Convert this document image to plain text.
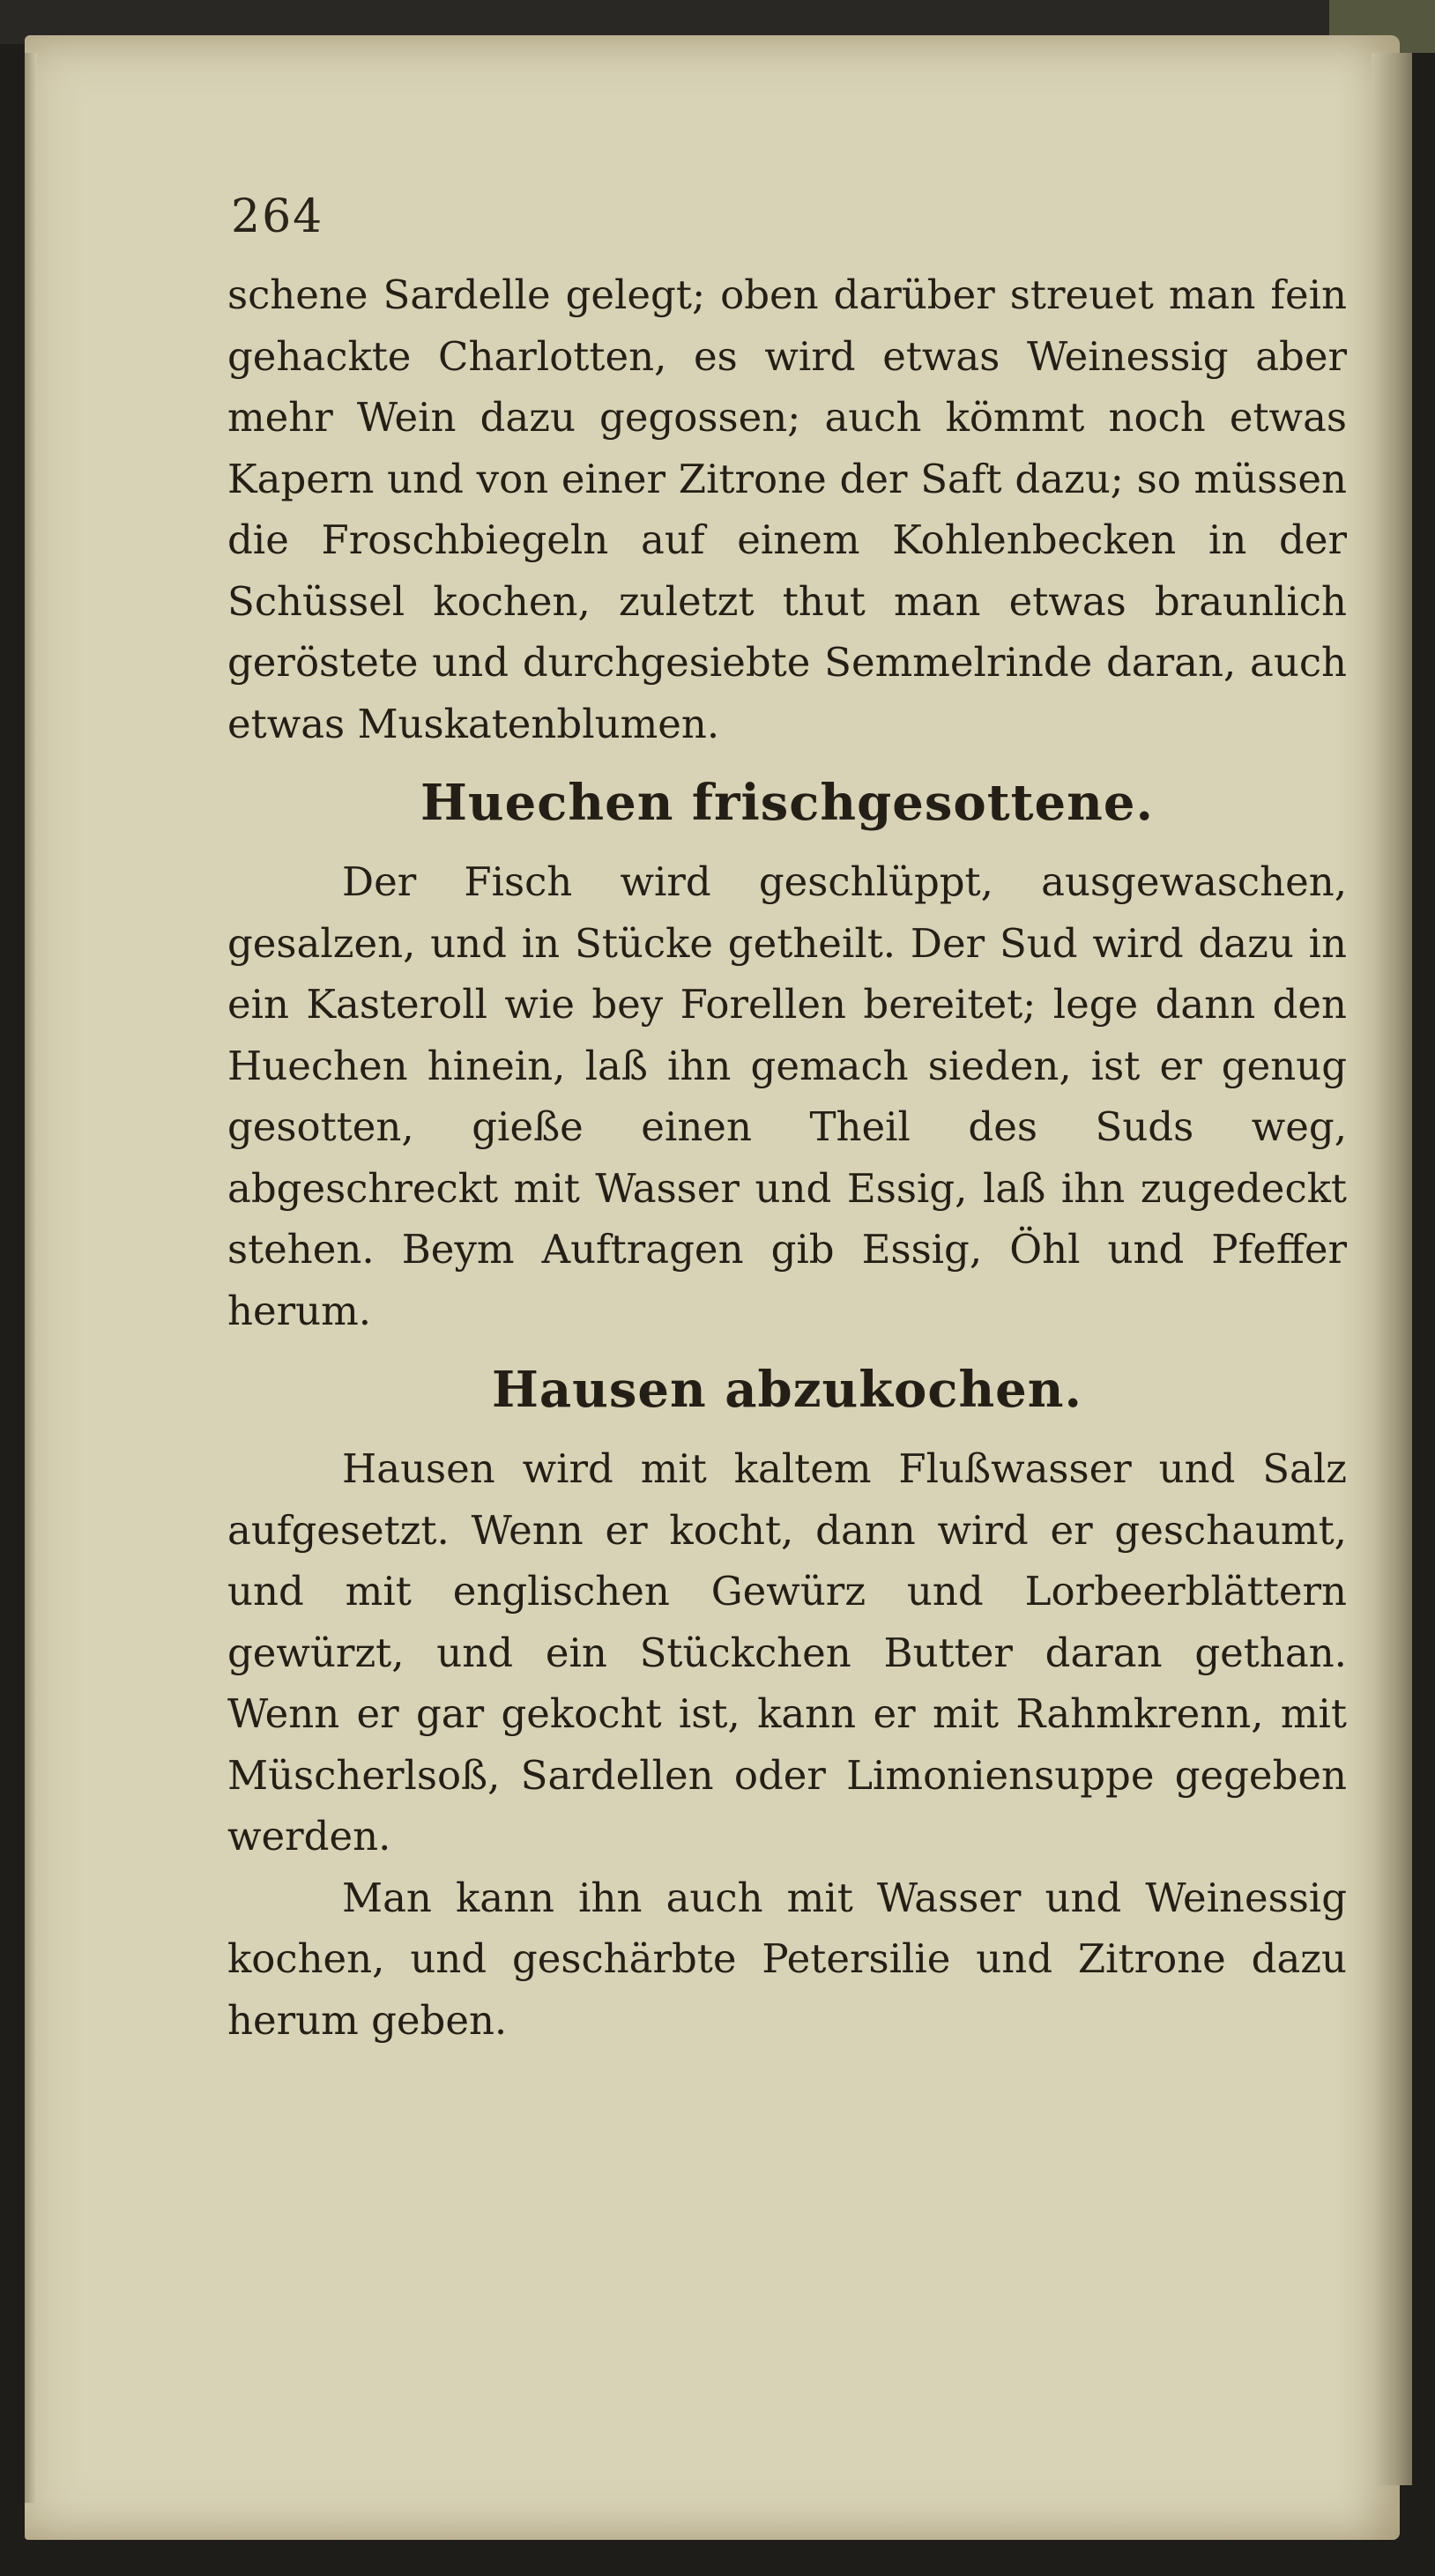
264

schene Sardelle gelegt; oben darüber streuet man fein gehackte Charlotten, es wird etwas Weinessig aber mehr Wein dazu gegossen; auch kömmt noch etwas Kapern und von einer Zitrone der Saft dazu; so müssen die Froschbiegeln auf einem Kohlenbecken in der Schüssel kochen, zuletzt thut man etwas braunlich geröstete und durchgesiebte Semmelrinde daran, auch etwas Muskatenblumen.

Huechen frischgesottene.

Der Fisch wird geschlüppt, ausgewaschen, gesalzen, und in Stücke getheilt. Der Sud wird dazu in ein Kasteroll wie bey Forellen bereitet; lege dann den Huechen hinein, laß ihn gemach sieden, ist er genug gesotten, gieße einen Theil des Suds weg, abgeschreckt mit Wasser und Essig, laß ihn zugedeckt stehen. Beym Auftragen gib Essig, Öhl und Pfeffer herum.

Hausen abzukochen.

Hausen wird mit kaltem Flußwasser und Salz aufgesetzt. Wenn er kocht, dann wird er geschaumt, und mit englischen Gewürz und Lorbeerblättern gewürzt, und ein Stückchen Butter daran gethan. Wenn er gar gekocht ist, kann er mit Rahmkrenn, mit Müscherlsoß, Sardellen oder Limoniensuppe gegeben werden.

Man kann ihn auch mit Wasser und Weinessig kochen, und geschärbte Petersilie und Zitrone dazu herum geben.
